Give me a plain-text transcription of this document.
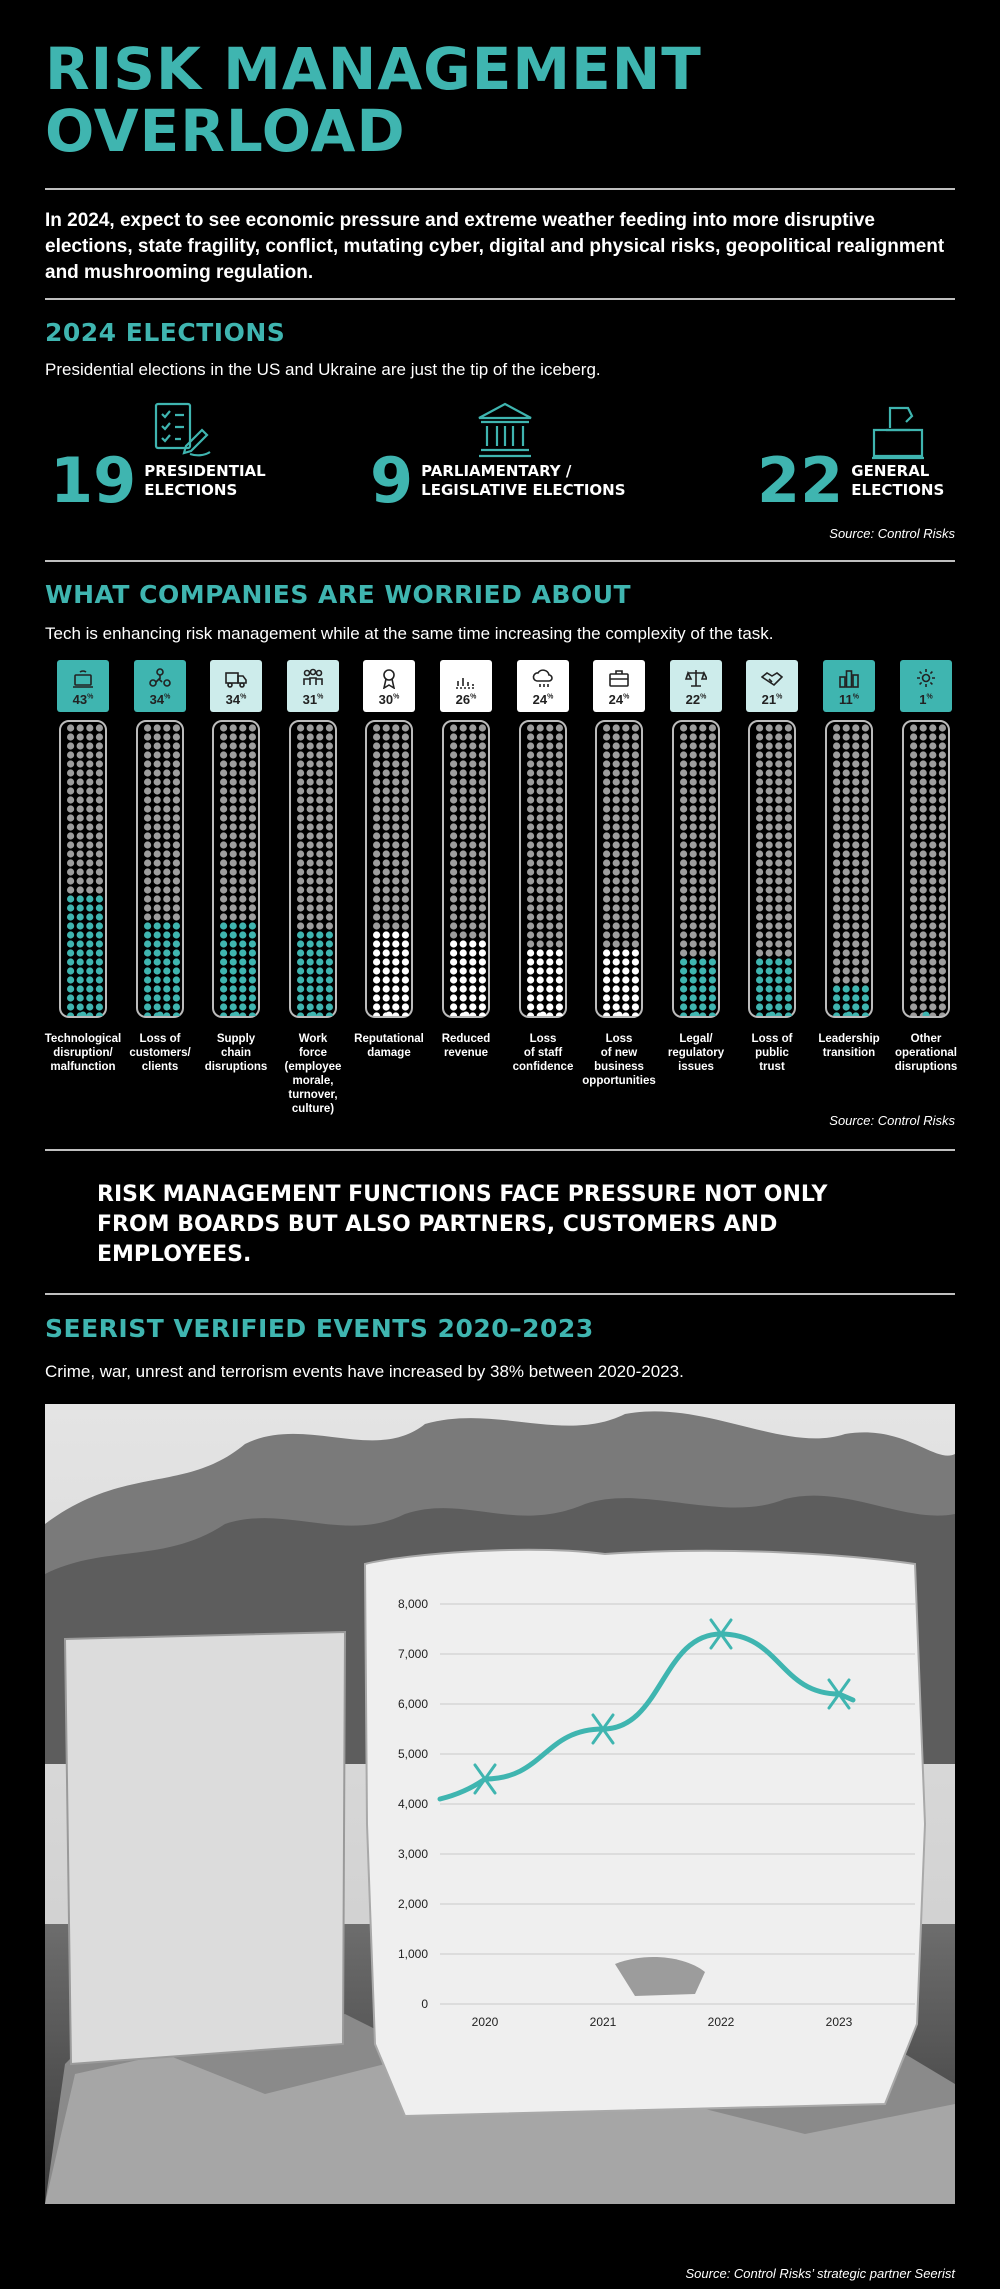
RISK MANAGEMENT OVERLOAD
In 2024, expect to see economic pressure and extreme weather feeding into more disruptive elections, state fragility, conflict, mutating cyber, digital and physical risks, geopolitical realignment and mushrooming regulation.
2024 ELECTIONS
Presidential elections in the US and Ukraine are just the tip of the iceberg.
19 PRESIDENTIAL
ELECTIONS	9 PARLIAMENTARY /
LEGISLATIVE ELECTIONS 22 GENERAL
ELECTIONS
Source: Control Risks
WHAT COMPANIES ARE WORRIED ABOUT
Tech is enhancing risk management while at the same time increasing the complexity of the task.
Source: Control Risks
RISK MANAGEMENT FUNCTIONS FACE PRESSURE NOT ONLY FROM BOARDS BUT ALSO PARTNERS, CUSTOMERS AND EMPLOYEES.
SEERIST VERIFIED EVENTS 2020–2023
Crime, war, unrest and terrorism events have increased by 38% between 2020-2023.
8,000
7,000
6,000
5,000
4,000
3,000
2,000
1,000
0
2020	2021	2022	2023
Source: Control Risks’ strategic partner Seerist
43%
Technological
disruption/
malfunction
34%
Loss of
customers/
clients
34%
Supply
chain
disruptions
31%
Work
force
(employee
morale,
turnover,
culture)
30%
Reputational
damage
26%
Reduced
revenue
24%
Loss
of staff
confidence
24%
Loss
of new
business
opportunities
22%
Legal/
regulatory
issues
21%
Loss of
public
trust
11%
Leadership
transition
1%
Other
operational
disruptions
